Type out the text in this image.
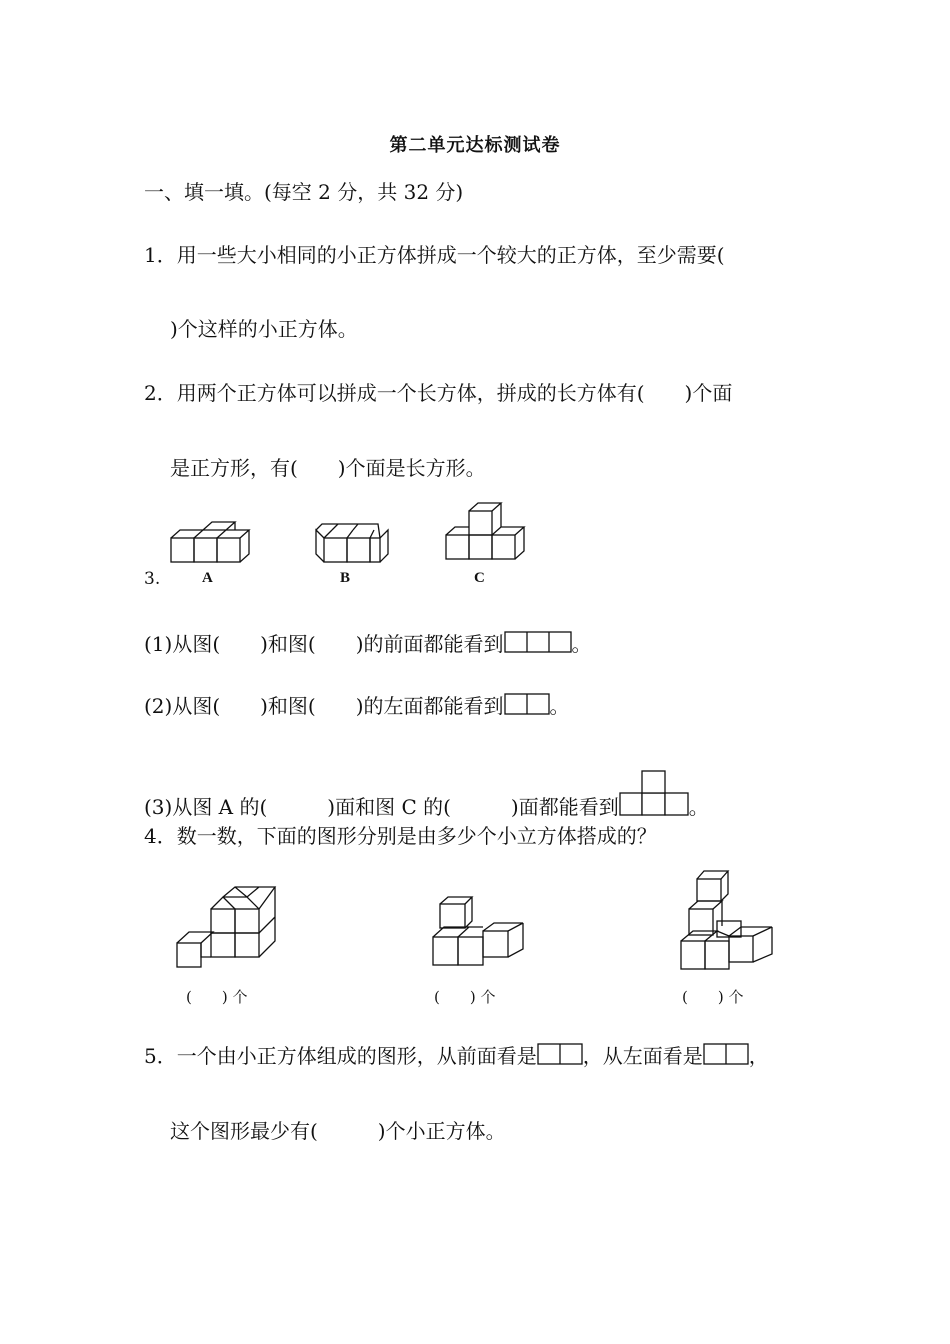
第二单元达标测试卷
一、填一填。(每空 2 分，共 32 分)
1．用一些大小相同的小正方体拼成一个较大的正方体，至少需要(
)个这样的小正方体。
2．用两个正方体可以拼成一个长方体，拼成的长方体有(　　)个面
是正方形，有(　　)个面是长方形。
3.	A	B	C
(1)从图(　　)和图(　　)的前面都能看到	。
(2)从图(　　)和图(　　)的左面都能看到 。
(3)从图 A 的(　　　)面和图 C 的(　　　)面都能看到	。
4．数一数，下面的图形分别是由多少个小立方体搭成的？
(　　) 个	(　　) 个	(　　) 个
5．一个由小正方体组成的图形，从前面看是 ，从左面看是 ，
这个图形最少有(　　　)个小正方体。
